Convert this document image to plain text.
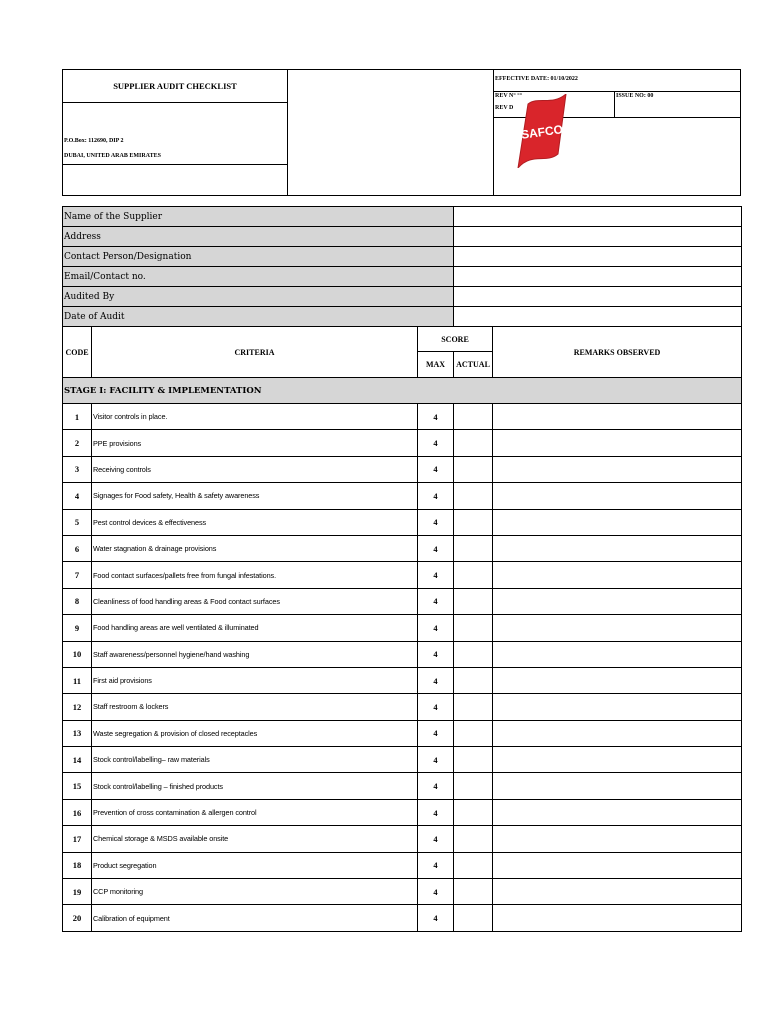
SUPPLIER AUDIT CHECKLIST
P.O.Box: 112690, DIP 2
DUBAI, UNITED ARAB EMIRATES
EFFECTIVE DATE: 01/10/2022
REV N° °°
REV D
ISSUE NO: 00
SAFCO
Name of the Supplier				
Address				
Contact Person/Designation				
Email/Contact no.				
Audited By				
Date of Audit				
CODE	CRITERIA	SCORE		REMARKS OBSERVED
		MAX	ACTUAL	
STAGE I: FACILITY & IMPLEMENTATION				
1	Visitor controls in place.	4		
2	PPE provisions	4		
3	Receiving controls	4		
4	Signages for Food safety, Health & safety awareness	4		
5	Pest control devices & effectiveness	4		
6	Water stagnation & drainage provisions	4		
7	Food contact surfaces/pallets free from fungal infestations.	4		
8	Cleanliness of food handling areas & Food contact surfaces	4		
9	Food handling areas are well ventilated & illuminated	4		
10	Staff awareness/personnel hygiene/hand washing	4		
11	First aid provisions	4		
12	Staff restroom & lockers	4		
13	Waste segregation & provision of closed receptacles	4		
14	Stock control/labelling– raw materials	4		
15	Stock control/labelling – finished products	4		
16	Prevention of cross contamination & allergen control	4		
17	Chemical storage & MSDS available onsite	4		
18	Product segregation	4		
19	CCP monitoring	4		
20	Calibration of equipment	4		
